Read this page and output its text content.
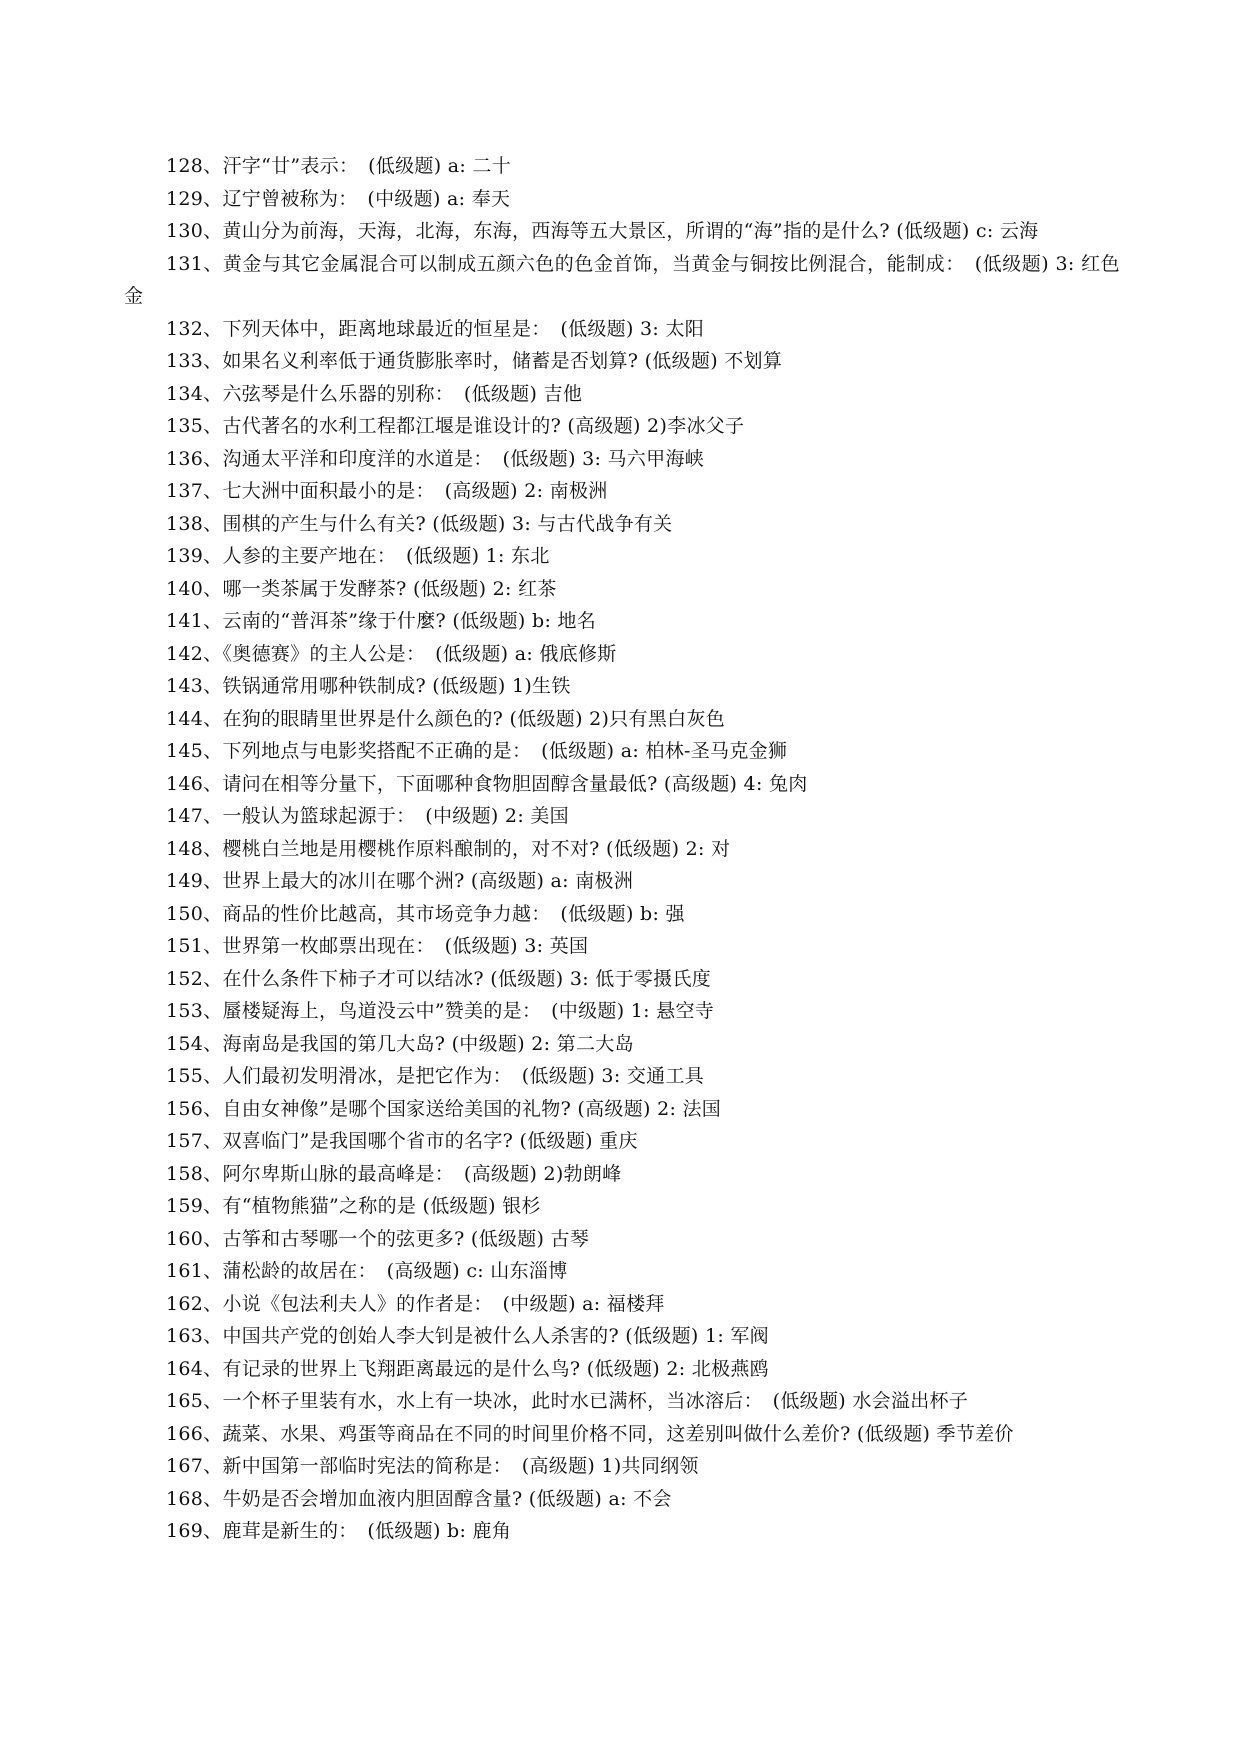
128、汗字“廿”表示：　(低级题) a: 二十
129、辽宁曾被称为：　(中级题) a: 奉天
130、黄山分为前海，天海，北海，东海，西海等五大景区，所谓的“海”指的是什么? (低级题) c: 云海
131、黄金与其它金属混合可以制成五颜六色的色金首饰，当黄金与铜按比例混合，能制成：　(低级题) 3: 红色金
132、下列天体中，距离地球最近的恒星是：　(低级题) 3: 太阳
133、如果名义利率低于通货膨胀率时，储蓄是否划算? (低级题) 不划算
134、六弦琴是什么乐器的别称：　(低级题) 吉他
135、古代著名的水利工程都江堰是谁设计的? (高级题) 2)李冰父子
136、沟通太平洋和印度洋的水道是：　(低级题) 3: 马六甲海峡
137、七大洲中面积最小的是：　(高级题) 2: 南极洲
138、围棋的产生与什么有关? (低级题) 3: 与古代战争有关
139、人参的主要产地在：　(低级题) 1: 东北
140、哪一类茶属于发酵茶? (低级题) 2: 红茶
141、云南的“普洱茶”缘于什麼? (低级题) b: 地名
142、《奥德赛》的主人公是：　(低级题) a: 俄底修斯
143、铁锅通常用哪种铁制成? (低级题) 1)生铁
144、在狗的眼睛里世界是什么颜色的? (低级题) 2)只有黑白灰色
145、下列地点与电影奖搭配不正确的是：　(低级题) a: 柏林-圣马克金狮
146、请问在相等分量下，下面哪种食物胆固醇含量最低? (高级题) 4: 兔肉
147、一般认为篮球起源于：　(中级题) 2: 美国
148、樱桃白兰地是用樱桃作原料酿制的，对不对? (低级题) 2: 对
149、世界上最大的冰川在哪个洲? (高级题) a: 南极洲
150、商品的性价比越高，其市场竞争力越：　(低级题) b: 强
151、世界第一枚邮票出现在：　(低级题) 3: 英国
152、在什么条件下柿子才可以结冰? (低级题) 3: 低于零摄氏度
153、蜃楼疑海上，鸟道没云中”赞美的是：　(中级题) 1: 悬空寺
154、海南岛是我国的第几大岛? (中级题) 2: 第二大岛
155、人们最初发明滑冰，是把它作为：　(低级题) 3: 交通工具
156、自由女神像”是哪个国家送给美国的礼物? (高级题) 2: 法国
157、双喜临门”是我国哪个省市的名字? (低级题) 重庆
158、阿尔卑斯山脉的最高峰是：　(高级题) 2)勃朗峰
159、有“植物熊猫”之称的是 (低级题) 银杉
160、古筝和古琴哪一个的弦更多? (低级题) 古琴
161、蒲松龄的故居在：　(高级题) c: 山东淄博
162、小说《包法利夫人》的作者是：　(中级题) a: 福楼拜
163、中国共产党的创始人李大钊是被什么人杀害的? (低级题) 1: 军阀
164、有记录的世界上飞翔距离最远的是什么鸟? (低级题) 2: 北极燕鸥
165、一个杯子里装有水，水上有一块冰，此时水已满杯，当冰溶后：　(低级题) 水会溢出杯子
166、蔬菜、水果、鸡蛋等商品在不同的时间里价格不同，这差别叫做什么差价? (低级题) 季节差价
167、新中国第一部临时宪法的简称是：　(高级题) 1)共同纲领
168、牛奶是否会增加血液内胆固醇含量? (低级题) a: 不会
169、鹿茸是新生的：　(低级题) b: 鹿角
